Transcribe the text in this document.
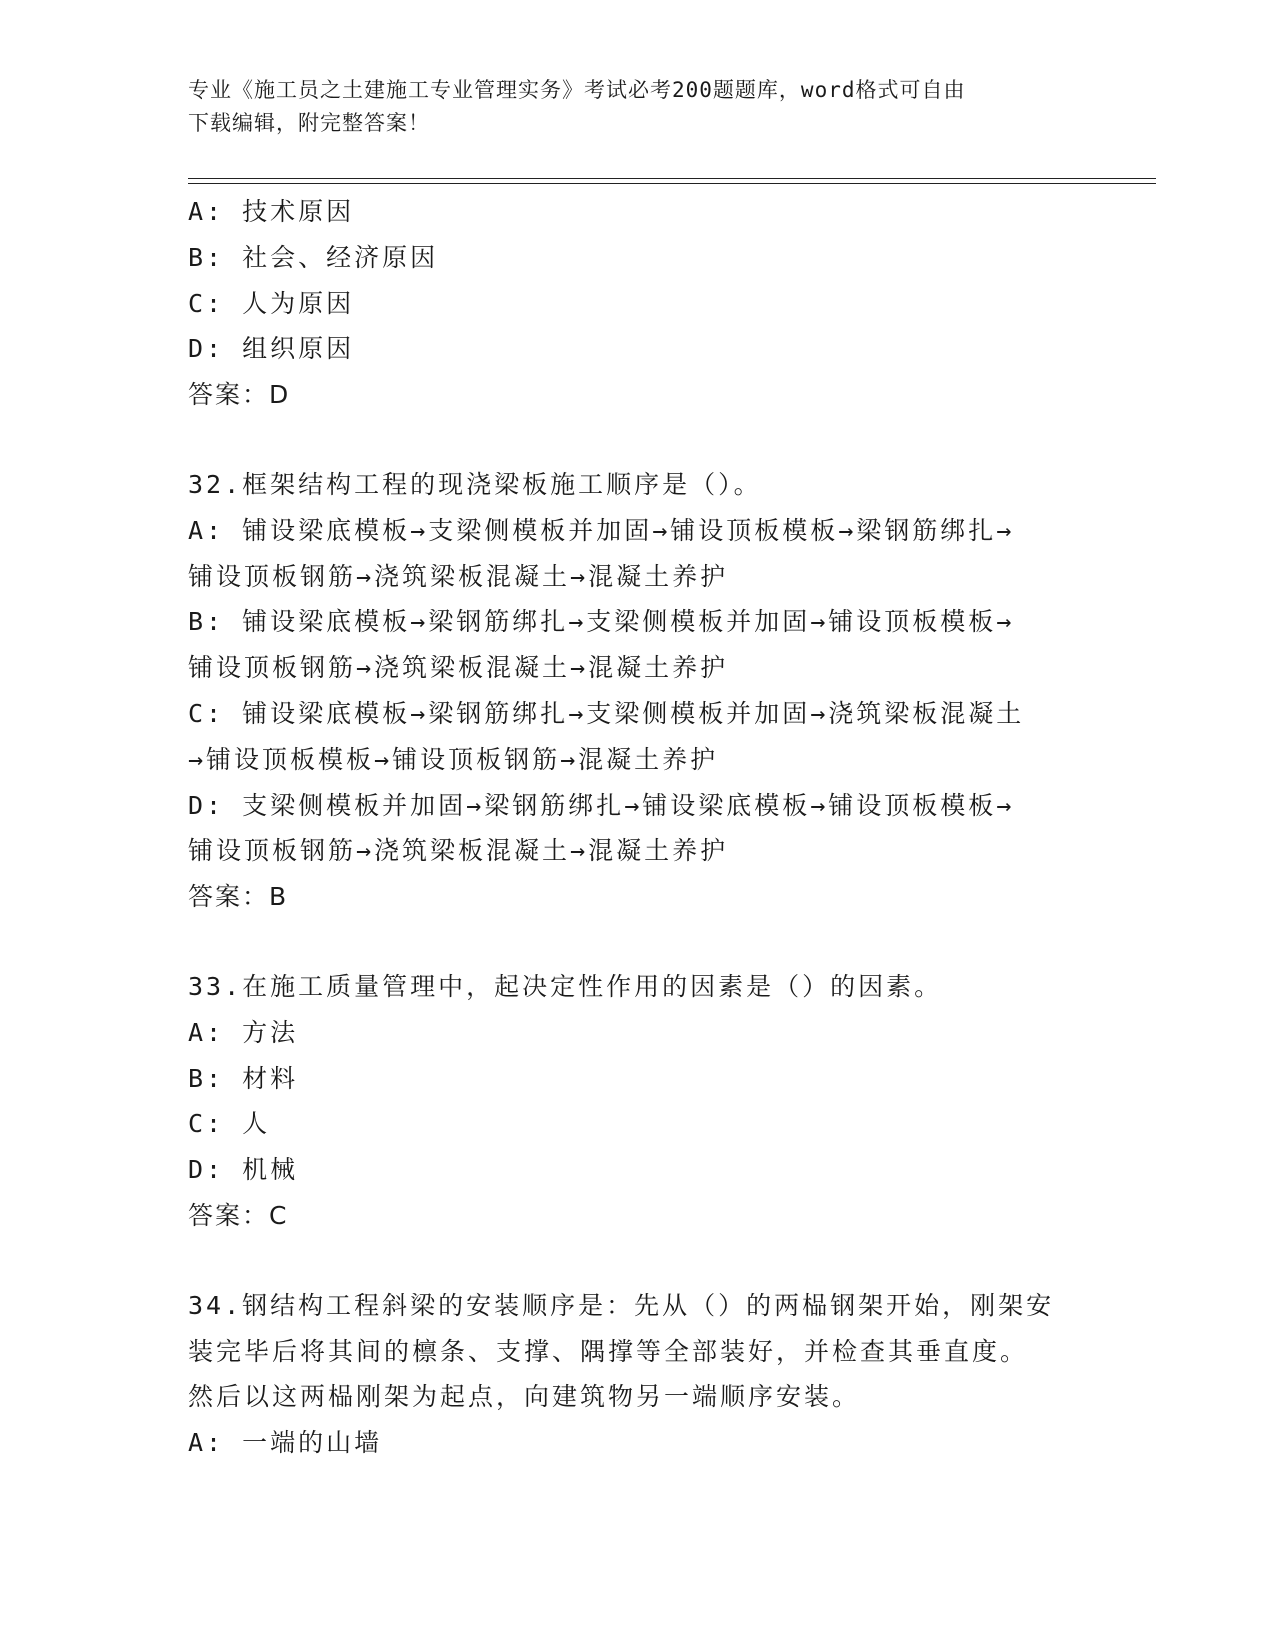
专业《施工员之土建施工专业管理实务》考试必考200题题库，word格式可自由
下载编辑，附完整答案！
A: 技术原因
B: 社会、经济原因
C: 人为原因
D: 组织原因
答案：D
32.框架结构工程的现浇梁板施工顺序是（）。
A: 铺设梁底模板→支梁侧模板并加固→铺设顶板模板→梁钢筋绑扎→
铺设顶板钢筋→浇筑梁板混凝土→混凝土养护
B: 铺设梁底模板→梁钢筋绑扎→支梁侧模板并加固→铺设顶板模板→
铺设顶板钢筋→浇筑梁板混凝土→混凝土养护
C: 铺设梁底模板→梁钢筋绑扎→支梁侧模板并加固→浇筑梁板混凝土
→铺设顶板模板→铺设顶板钢筋→混凝土养护
D: 支梁侧模板并加固→梁钢筋绑扎→铺设梁底模板→铺设顶板模板→
铺设顶板钢筋→浇筑梁板混凝土→混凝土养护
答案：B
33.在施工质量管理中，起决定性作用的因素是（）的因素。
A: 方法
B: 材料
C: 人
D: 机械
答案：C
34.钢结构工程斜梁的安装顺序是：先从（）的两榀钢架开始，刚架安
装完毕后将其间的檩条、支撑、隅撑等全部装好，并检查其垂直度。
然后以这两榀刚架为起点，向建筑物另一端顺序安装。
A: 一端的山墙
